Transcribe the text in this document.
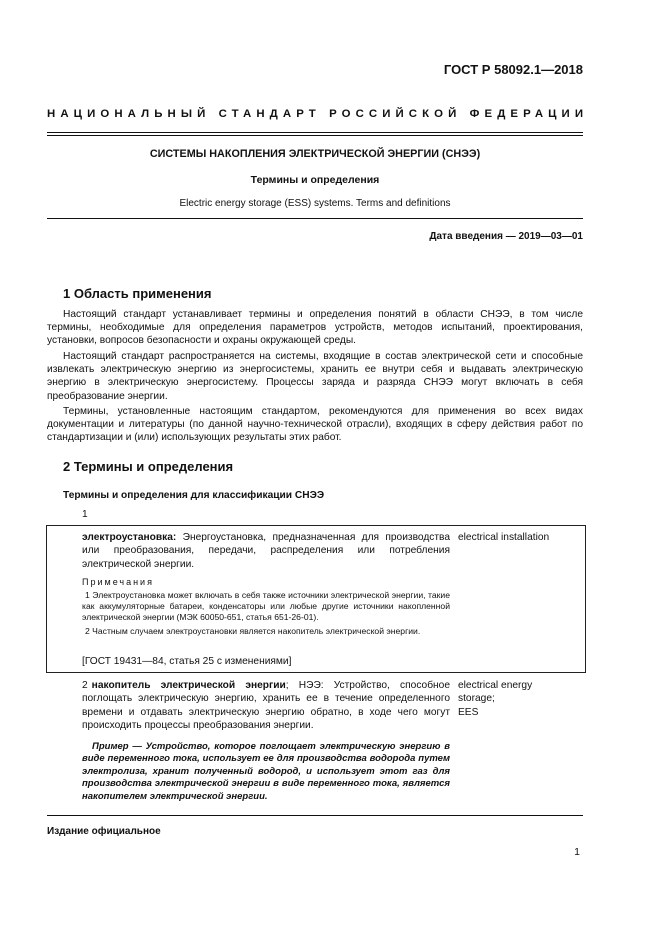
ГОСТ Р 58092.1—2018
НАЦИОНАЛЬНЫЙ СТАНДАРТ РОССИЙСКОЙ ФЕДЕРАЦИИ
СИСТЕМЫ НАКОПЛЕНИЯ ЭЛЕКТРИЧЕСКОЙ ЭНЕРГИИ (СНЭЭ)
Термины и определения
Electric energy storage (ESS) systems. Terms and definitions
Дата введения — 2019—03—01
1 Область применения

Настоящий стандарт устанавливает термины и определения понятий в области СНЭЭ, в том числе термины, необходимые для определения параметров устройств, методов испытаний, проектирования, установки, вопросов безопасности и охраны окружающей среды.

Настоящий стандарт распространяется на системы, входящие в состав электрической сети и способные извлекать электрическую энергию из энергосистемы, хранить ее внутри себя и выдавать электрическую энергию в электрическую энергосистему. Процессы заряда и разряда СНЭЭ могут включать в себя преобразование энергии.

Термины, установленные настоящим стандартом, рекомендуются для применения во всех видах документации и литературы (по данной научно-технической отрасли), входящих в сферу действия работ по стандартизации и (или) использующих результаты этих работ.

2 Термины и определения
Термины и определения для классификации СНЭЭ
1
электроустановка: Энергоустановка, предназначенная для производства или преобразования, передачи, распределения или потребления электрической энергии.
electrical installation
Примечания
1 Электроустановка может включать в себя также источники электрической энергии, такие как аккумуляторные батареи, конденсаторы или любые другие источники накопленной электрической энергии (МЭК 60050-651, статья 651-26-01).
2 Частным случаем электроустановки является накопитель электрической энергии.
[ГОСТ 19431—84, статья 25 с изменениями]
2 накопитель электрической энергии; НЭЭ: Устройство, способное поглощать электрическую энергию, хранить ее в течение определенного времени и отдавать электрическую энергию обратно, в ходе чего могут происходить процессы преобразования энергии.
electrical energy
storage;
EES
Пример — Устройство, которое поглощает электрическую энергию в виде переменного тока, использует ее для производства водорода путем электролиза, хранит полученный водород, и использует этот газ для производства электрической энергии в виде переменного тока, является накопителем электрической энергии.
Издание официальное
1
